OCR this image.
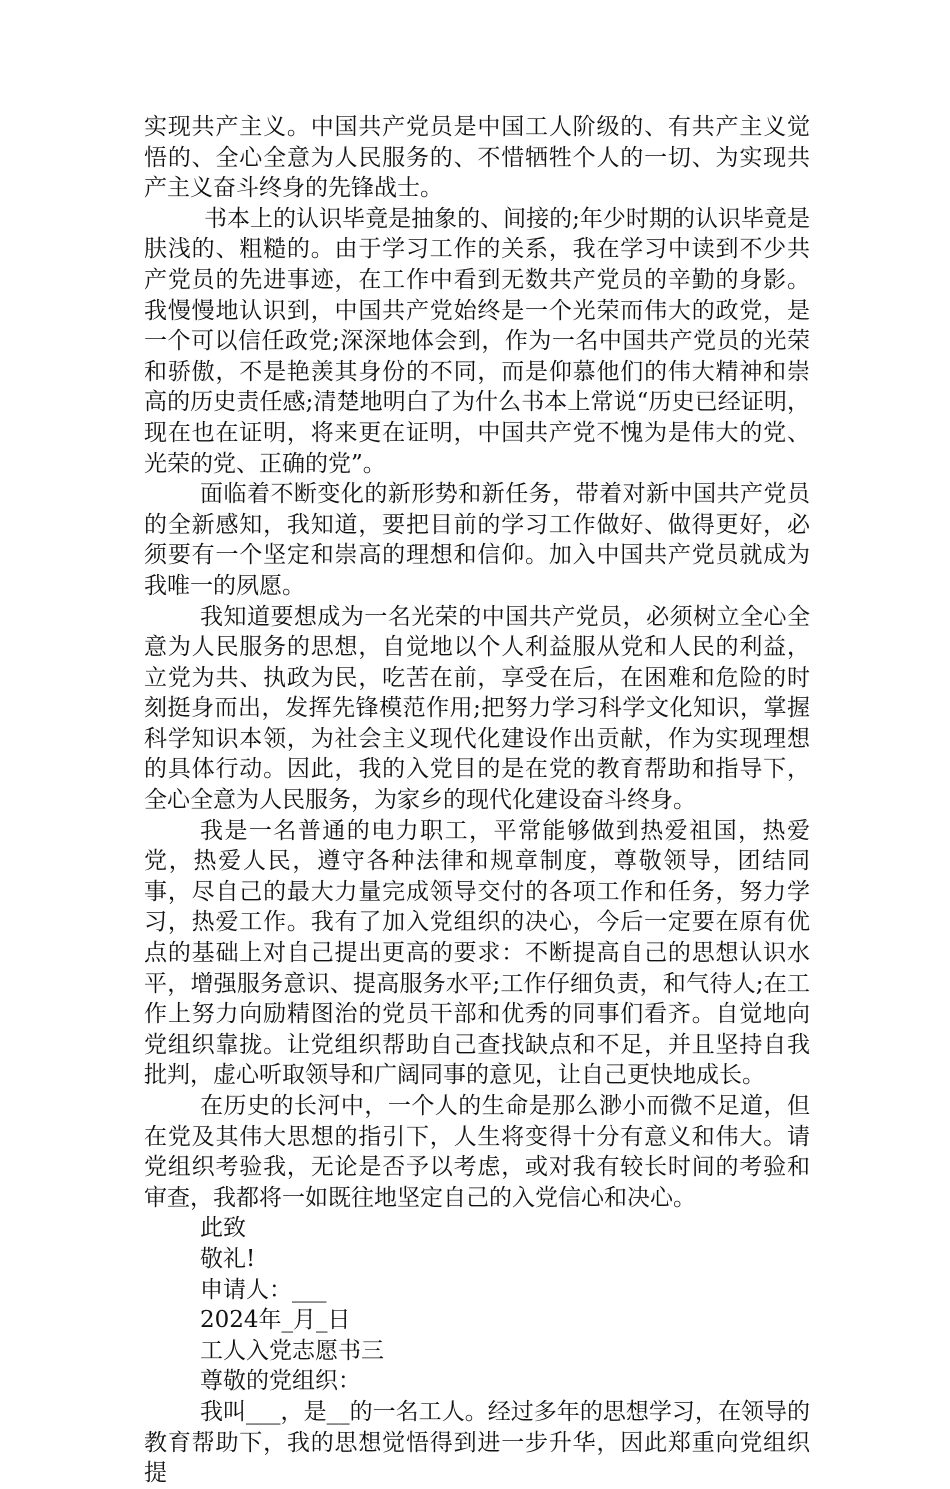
实现共产主义。中国共产党员是中国工人阶级的、有共产主义觉悟的、全心全意为人民服务的、不惜牺牲个人的一切、为实现共产主义奋斗终身的先锋战士。

书本上的认识毕竟是抽象的、间接的;年少时期的认识毕竟是肤浅的、粗糙的。由于学习工作的关系，我在学习中读到不少共产党员的先进事迹，在工作中看到无数共产党员的辛勤的身影。我慢慢地认识到，中国共产党始终是一个光荣而伟大的政党，是一个可以信任政党;深深地体会到，作为一名中国共产党员的光荣和骄傲，不是艳羡其身份的不同，而是仰慕他们的伟大精神和崇高的历史责任感;清楚地明白了为什么书本上常说“历史已经证明，现在也在证明，将来更在证明，中国共产党不愧为是伟大的党、光荣的党、正确的党”。

面临着不断变化的新形势和新任务，带着对新中国共产党员的全新感知，我知道，要把目前的学习工作做好、做得更好，必须要有一个坚定和崇高的理想和信仰。加入中国共产党员就成为我唯一的夙愿。

我知道要想成为一名光荣的中国共产党员，必须树立全心全意为人民服务的思想，自觉地以个人利益服从党和人民的利益，立党为共、执政为民，吃苦在前，享受在后，在困难和危险的时刻挺身而出，发挥先锋模范作用;把努力学习科学文化知识，掌握科学知识本领，为社会主义现代化建设作出贡献，作为实现理想的具体行动。因此，我的入党目的是在党的教育帮助和指导下，全心全意为人民服务，为家乡的现代化建设奋斗终身。

我是一名普通的电力职工，平常能够做到热爱祖国，热爱党，热爱人民，遵守各种法律和规章制度，尊敬领导，团结同事，尽自己的最大力量完成领导交付的各项工作和任务，努力学习，热爱工作。我有了加入党组织的决心，今后一定要在原有优点的基础上对自己提出更高的要求：不断提高自己的思想认识水平，增强服务意识、提高服务水平;工作仔细负责，和气待人;在工作上努力向励精图治的党员干部和优秀的同事们看齐。自觉地向党组织靠拢。让党组织帮助自己查找缺点和不足，并且坚持自我批判，虚心听取领导和广阔同事的意见，让自己更快地成长。

在历史的长河中，一个人的生命是那么渺小而微不足道，但在党及其伟大思想的指引下，人生将变得十分有意义和伟大。请党组织考验我，无论是否予以考虑，或对我有较长时间的考验和审查，我都将一如既往地坚定自己的入党信心和决心。

此致

敬礼!

申请人：___

2024年_月_日

工人入党志愿书三

尊敬的党组织：

我叫___，是__的一名工人。经过多年的思想学习，在领导的教育帮助下，我的思想觉悟得到进一步升华，因此郑重向党组织提
